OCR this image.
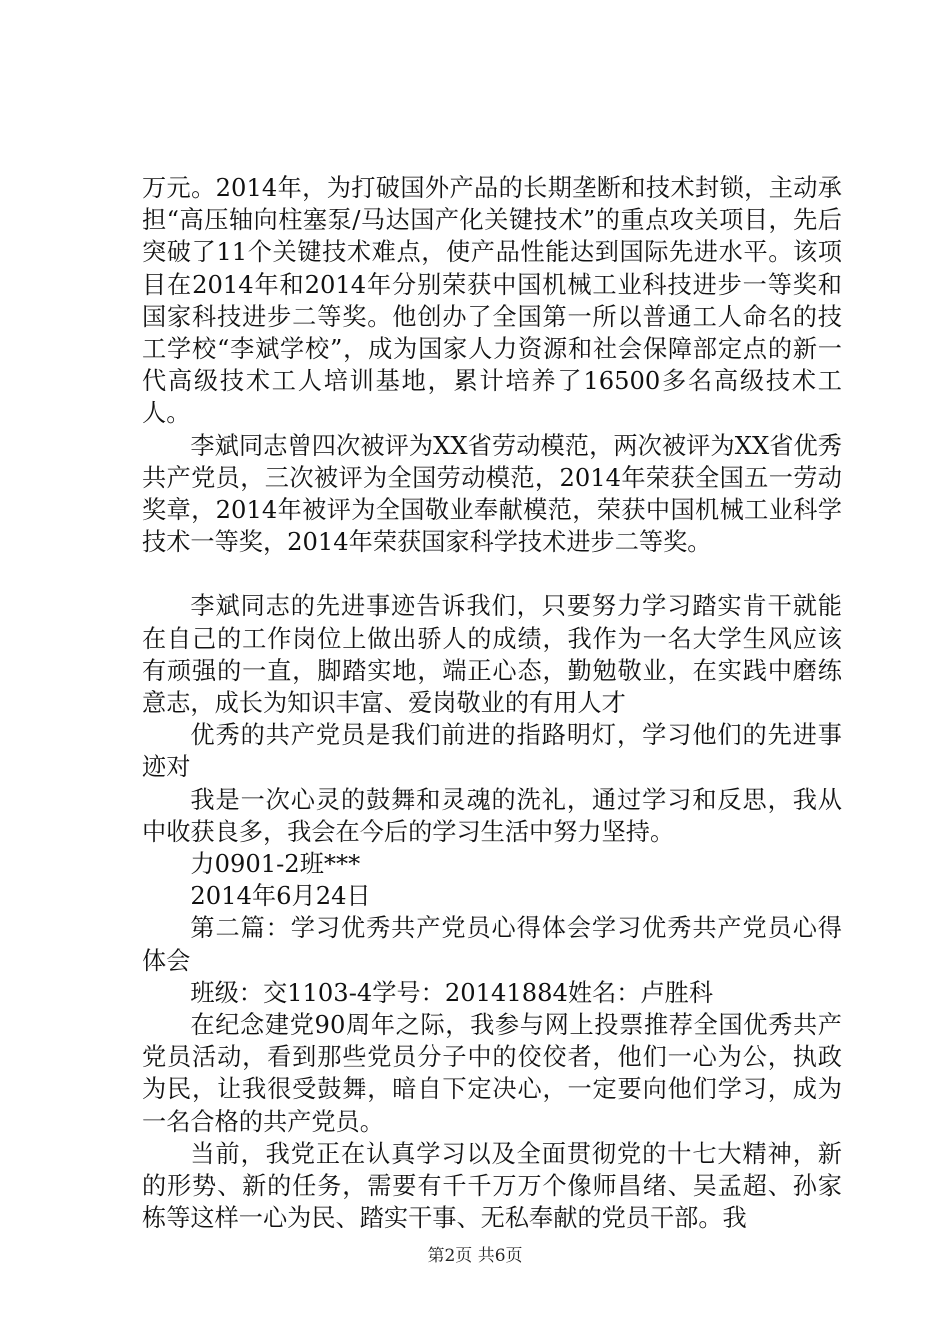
万元。2014年，为打破国外产品的长期垄断和技术封锁，主动承担“高压轴向柱塞泵/马达国产化关键技术”的重点攻关项目，先后突破了11个关键技术难点，使产品性能达到国际先进水平。该项目在2014年和2014年分别荣获中国机械工业科技进步一等奖和国家科技进步二等奖。他创办了全国第一所以普通工人命名的技工学校“李斌学校”，成为国家人力资源和社会保障部定点的新一代高级技术工人培训基地，累计培养了16500多名高级技术工人。

李斌同志曾四次被评为XX省劳动模范，两次被评为XX省优秀共产党员，三次被评为全国劳动模范，2014年荣获全国五一劳动奖章，2014年被评为全国敬业奉献模范，荣获中国机械工业科学技术一等奖，2014年荣获国家科学技术进步二等奖。

李斌同志的先进事迹告诉我们，只要努力学习踏实肯干就能在自己的工作岗位上做出骄人的成绩，我作为一名大学生风应该有顽强的一直，脚踏实地，端正心态，勤勉敬业，在实践中磨练意志，成长为知识丰富、爱岗敬业的有用人才

优秀的共产党员是我们前进的指路明灯，学习他们的先进事迹对

我是一次心灵的鼓舞和灵魂的洗礼，通过学习和反思，我从中收获良多，我会在今后的学习生活中努力坚持。

力0901-2班***

2014年6月24日

第二篇：学习优秀共产党员心得体会学习优秀共产党员心得体会

班级：交1103-4学号：20141884姓名：卢胜科

在纪念建党90周年之际，我参与网上投票推荐全国优秀共产党员活动，看到那些党员分子中的佼佼者，他们一心为公，执政为民，让我很受鼓舞，暗自下定决心，一定要向他们学习，成为一名合格的共产党员。

当前，我党正在认真学习以及全面贯彻党的十七大精神，新的形势、新的任务，需要有千千万万个像师昌绪、吴孟超、孙家栋等这样一心为民、踏实干事、无私奉献的党员干部。我

第2页 共6页
